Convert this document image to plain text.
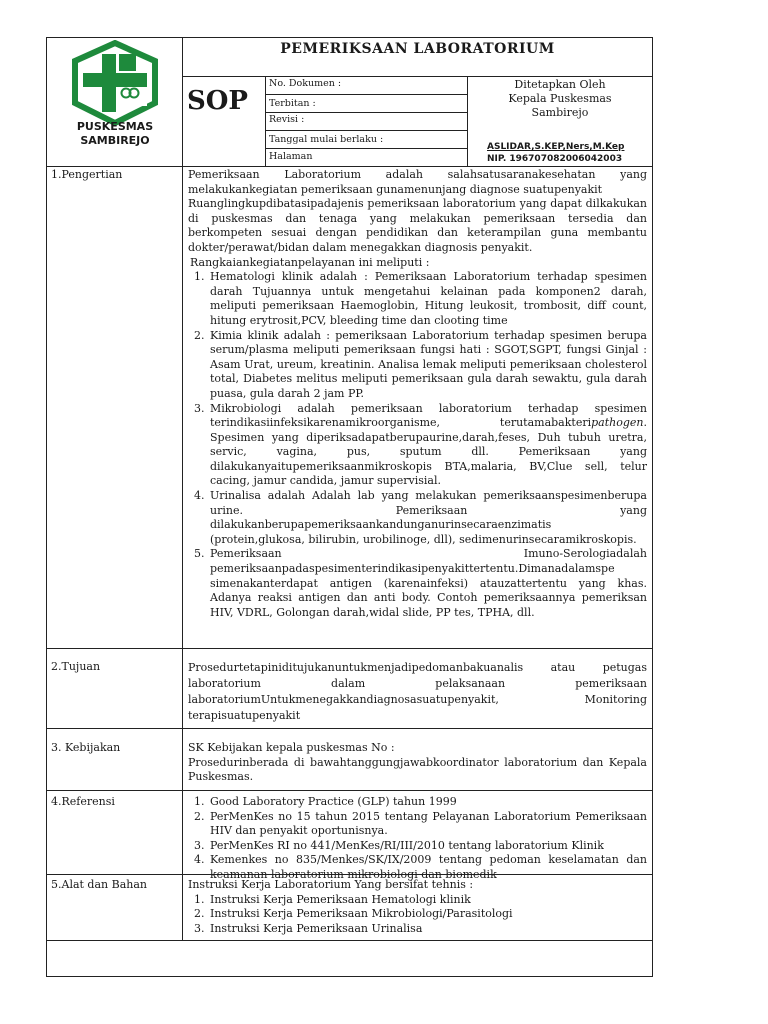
PUSKESMAS
SAMBIREJO
PEMERIKSAAN LABORATORIUM
SOP
No. Dokumen :
Terbitan :
Revisi :
Tanggal mulai berlaku :
Halaman
Ditetapkan Oleh
Kepala Puskesmas
Sambirejo
ASLIDAR,S.KEP,Ners,M.Kep
NIP. 196707082006042003
1.Pengertian	Pemeriksaan Laboratorium adalah salahsatusaranakesehatan yang melakukankegiatan pemeriksaan gunamenunjang diagnose suatupenyakit
Ruanglingkupdibatasipadajenis pemeriksaan laboratorium yang dapat dilkakukan di puskesmas dan tenaga yang melakukan pemeriksaan tersedia dan berkompeten sesuai dengan pendidikan dan keterampilan guna membantu dokter/perawat/bidan dalam menegakkan diagnosis penyakit.
Rangkaiankegiatanpelayanan ini meliputi :
1. Hematologi klinik adalah : Pemeriksaan Laboratorium terhadap spesimen darah Tujuannya untuk mengetahui kelainan pada komponen2 darah, meliputi pemeriksaan Haemoglobin, Hitung leukosit, trombosit, diff count, hitung erytrosit,PCV, bleeding time dan clooting time
2. Kimia klinik adalah : pemeriksaan Laboratorium terhadap spesimen berupa serum/plasma meliputi pemeriksaan fungsi hati : SGOT,SGPT, fungsi Ginjal : Asam Urat, ureum, kreatinin. Analisa lemak meliputi pemeriksaan cholesterol total, Diabetes melitus meliputi pemeriksaan gula darah sewaktu, gula darah puasa, gula darah 2 jam PP.
3. Mikrobiologi adalah pemeriksaan laboratorium terhadap spesimen terindikasiinfeksikarenamikroorganisme, terutamabakteripathogen. Spesimen yang diperiksadapatberupaurine,darah,feses, Duh tubuh uretra, servic, vagina, pus, sputum dll. Pemeriksaan yang dilakukanyaitupemeriksaanmikroskopis BTA,malaria, BV,Clue sell, telur cacing, jamur candida, jamur supervisial.
4. Urinalisa adalah Adalah lab yang melakukan pemeriksaanspesimenberupa urine. Pemeriksaan yang dilakukanberupapemeriksaankandunganurinsecaraenzimatis (protein,glukosa, bilirubin, urobilinoge, dll), sedimenurinsecaramikroskopis.
5. Pemeriksaan Imuno-Serologiadalah pemeriksaanpadaspesimenterindikasipenyakittertentu.Dimanadalamspe simenakanterdapat antigen (karenainfeksi) atauzattertentu yang khas. Adanya reaksi antigen dan anti body. Contoh pemeriksaannya pemeriksan HIV, VDRL, Golongan darah,widal slide, PP tes, TPHA, dll.
2.Tujuan	Prosedurtetapiniditujukanuntukmenjadipedomanbakuanalis atau petugas laboratorium dalam pelaksanaan pemeriksaan laboratoriumUntukmenegakkandiagnosasuatupenyakit, Monitoring terapisuatupenyakit
3. Kebijakan	SK Kebijakan kepala puskesmas No :
Prosedurinberada di bawahtanggungjawabkoordinator laboratorium dan Kepala Puskesmas.
4.Referensi	1. Good Laboratory Practice (GLP) tahun 1999
2. PerMenKes no 15 tahun 2015 tentang Pelayanan Laboratorium Pemeriksaan HIV dan penyakit oportunisnya.
3. PerMenKes RI no 441/MenKes/RI/III/2010 tentang laboratorium Klinik
4. Kemenkes no 835/Menkes/SK/IX/2009 tentang pedoman keselamatan dan keamanan laboratorium mikrobiologi dan biomedik
5.Alat dan Bahan	Instruksi Kerja Laboratorium Yang bersifat tehnis :
1. Instruksi Kerja Pemeriksaan Hematologi klinik
2. Instruksi Kerja Pemeriksaan Mikrobiologi/Parasitologi
3. Instruksi Kerja Pemeriksaan Urinalisa
